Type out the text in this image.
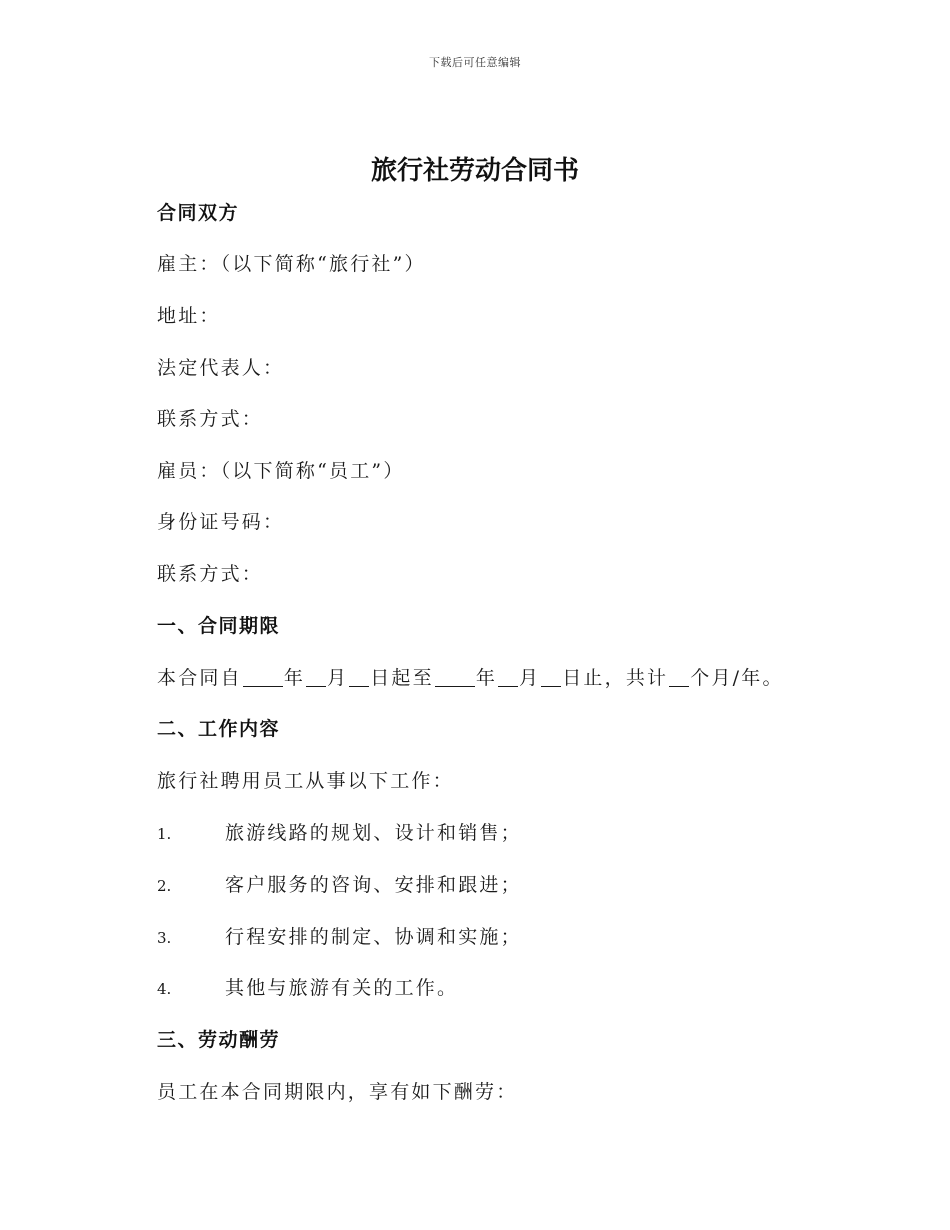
下载后可任意编辑
旅行社劳动合同书
合同双方
雇主：（以下简称“旅行社”）
地址：
法定代表人：
联系方式：
雇员：（以下简称“员工”）
身份证号码：
联系方式：
一、合同期限
本合同自 年 月 日起至 年 月 日止，共计 个月/年。
二、工作内容
旅行社聘用员工从事以下工作：
1.	旅游线路的规划、设计和销售；
2.	客户服务的咨询、安排和跟进；
3.	行程安排的制定、协调和实施；
4.	其他与旅游有关的工作。
三、劳动酬劳
员工在本合同期限内，享有如下酬劳：
